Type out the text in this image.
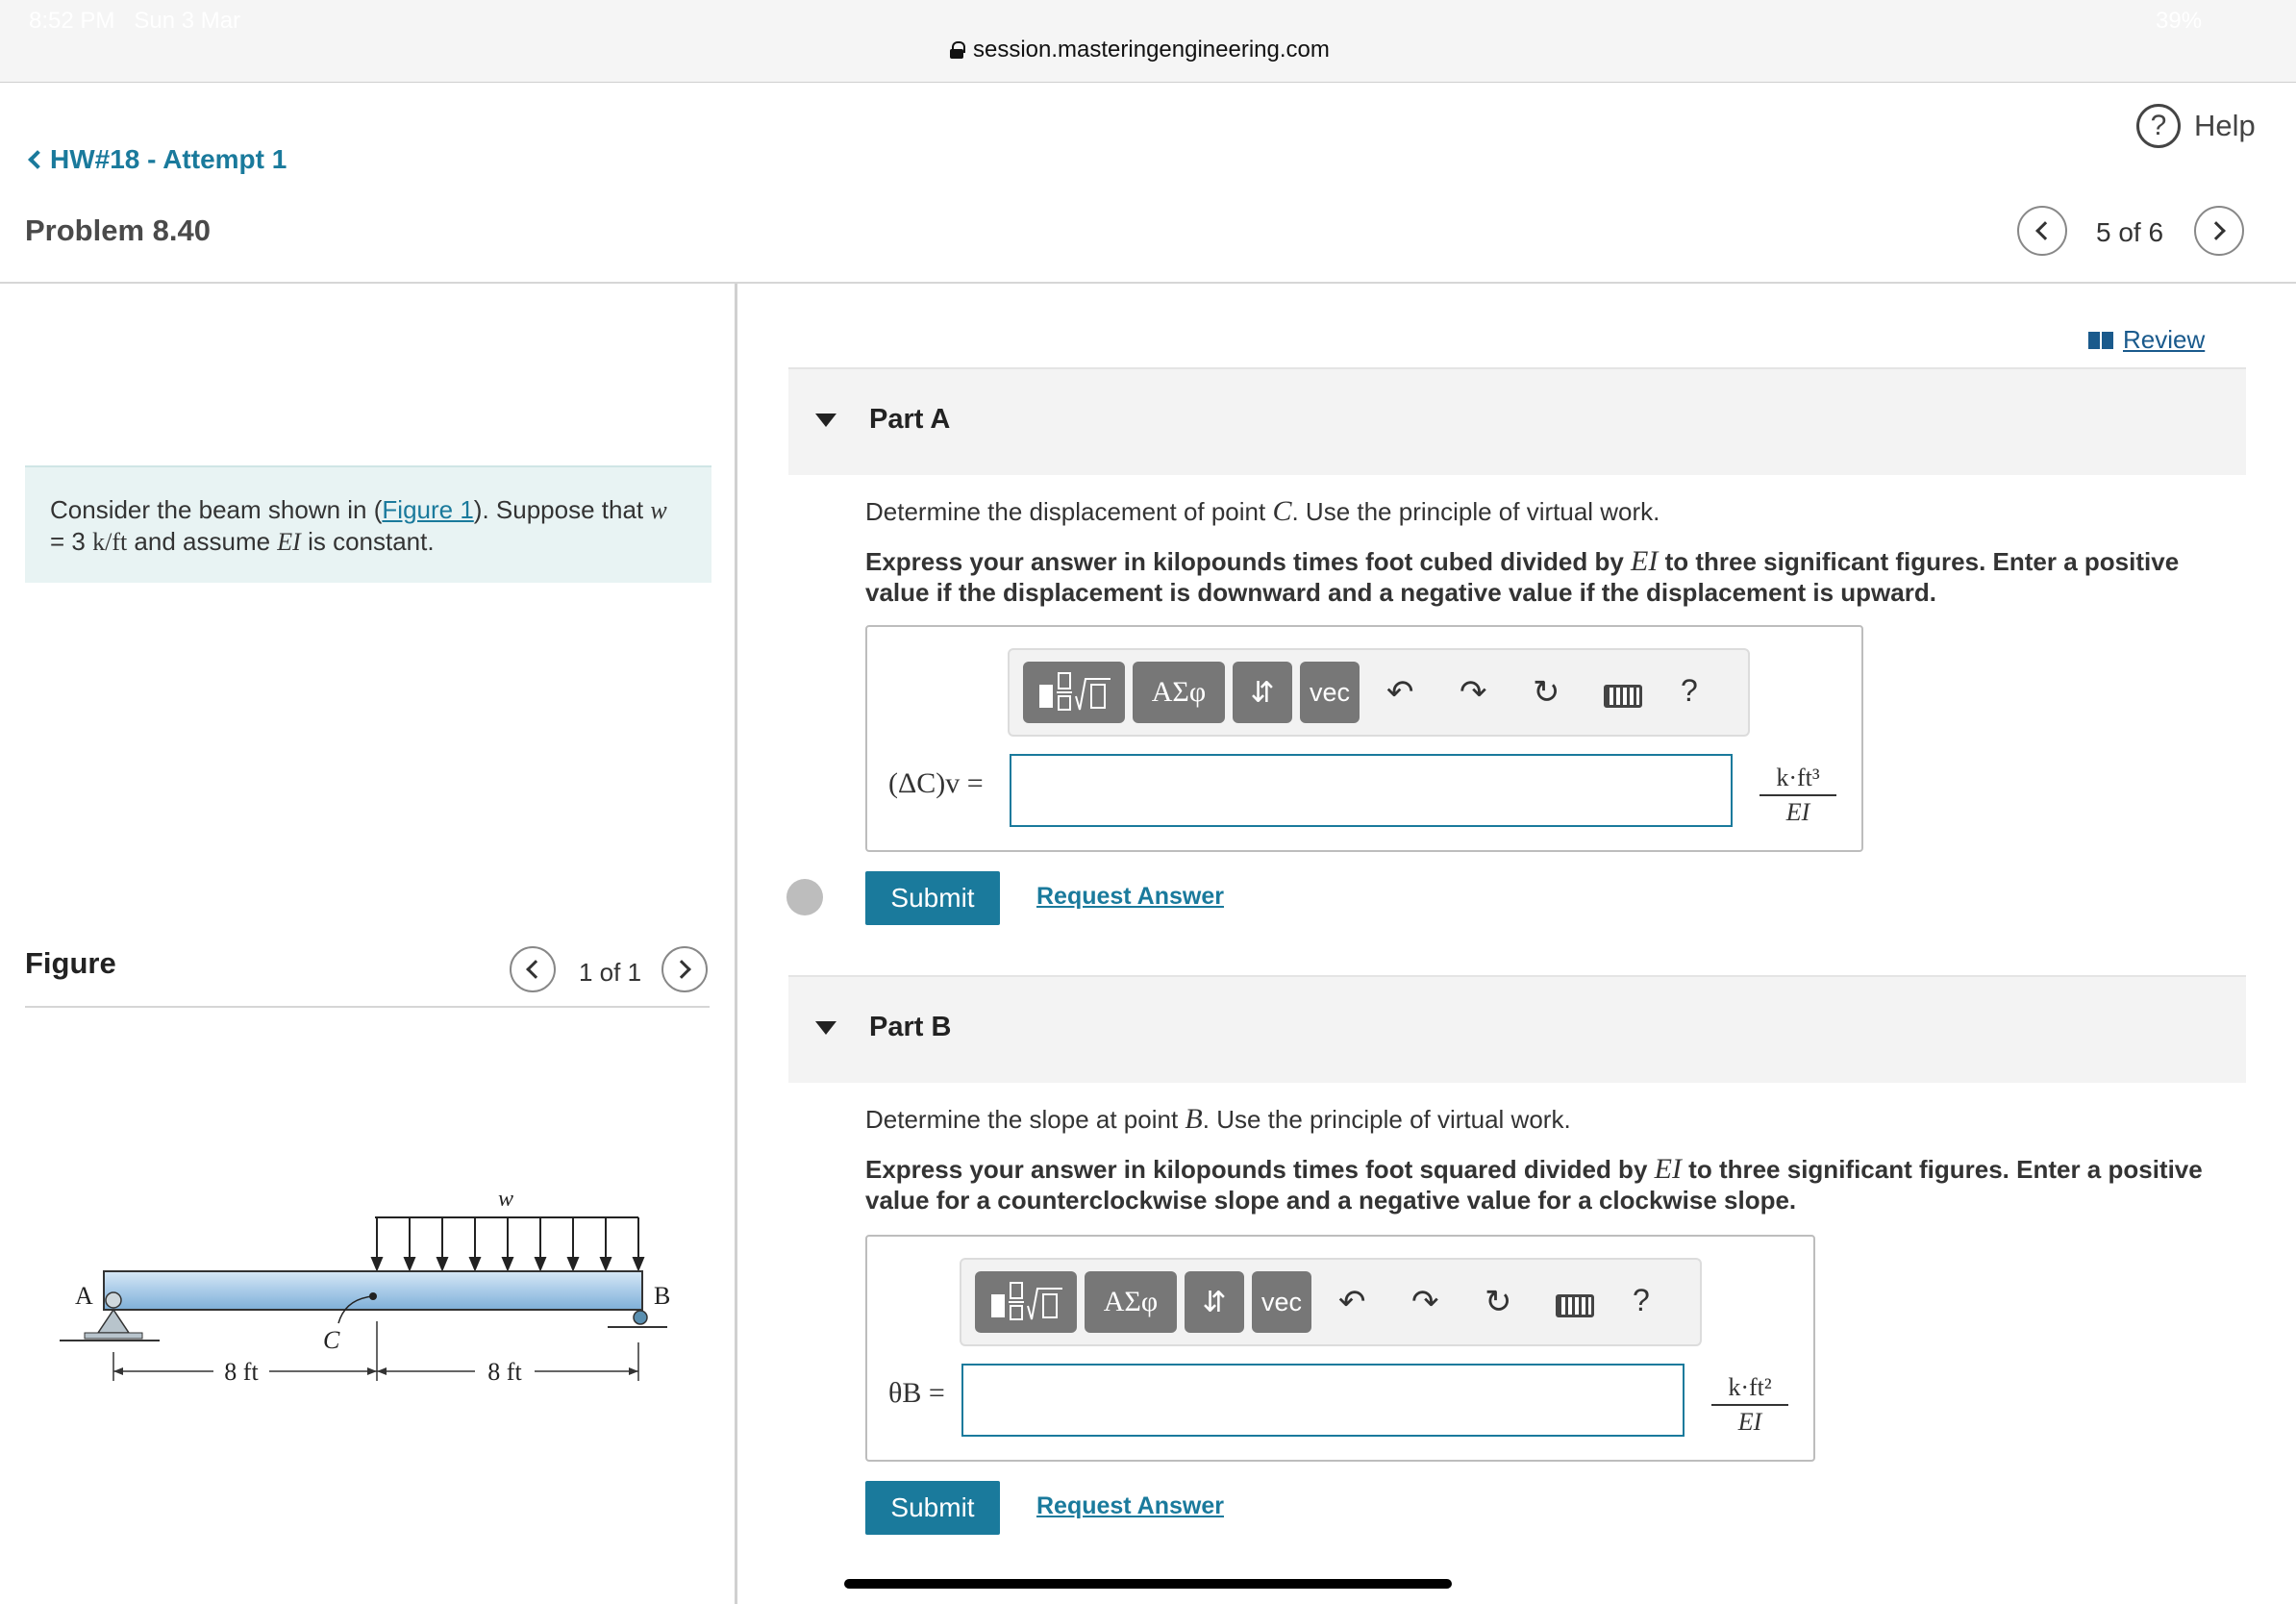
8:52 PM Sun 3 Mar	39%
session.masteringengineering.com
HW#18 - Attempt 1
Problem 8.40
? Help
5 of 6
Consider the beam shown in (Figure 1). Suppose that w
= 3 k/ft and assume EI is constant.
Figure	1 of 1
w
A	B
C
8 ft	8 ft
Review
Part A
Determine the displacement of point C. Use the principle of virtual work.
Express your answer in kilopounds times foot cubed divided by EI to three significant figures. Enter a positive value if the displacement is downward and a negative value if the displacement is upward.
ΑΣφ	⇵	vec ↶ ↷ ↻	?
(ΔC)v =	$\frac{\text{k·ft³}}{EI}$
Submit	Request Answer
Part B
Determine the slope at point B. Use the principle of virtual work.
Express your answer in kilopounds times foot squared divided by EI to three significant figures. Enter a positive value for a counterclockwise slope and a negative value for a clockwise slope.
ΑΣφ	⇵	vec ↶ ↷ ↻	?
θB =	$\frac{\text{k·ft²}}{EI}$
Submit	Request Answer
